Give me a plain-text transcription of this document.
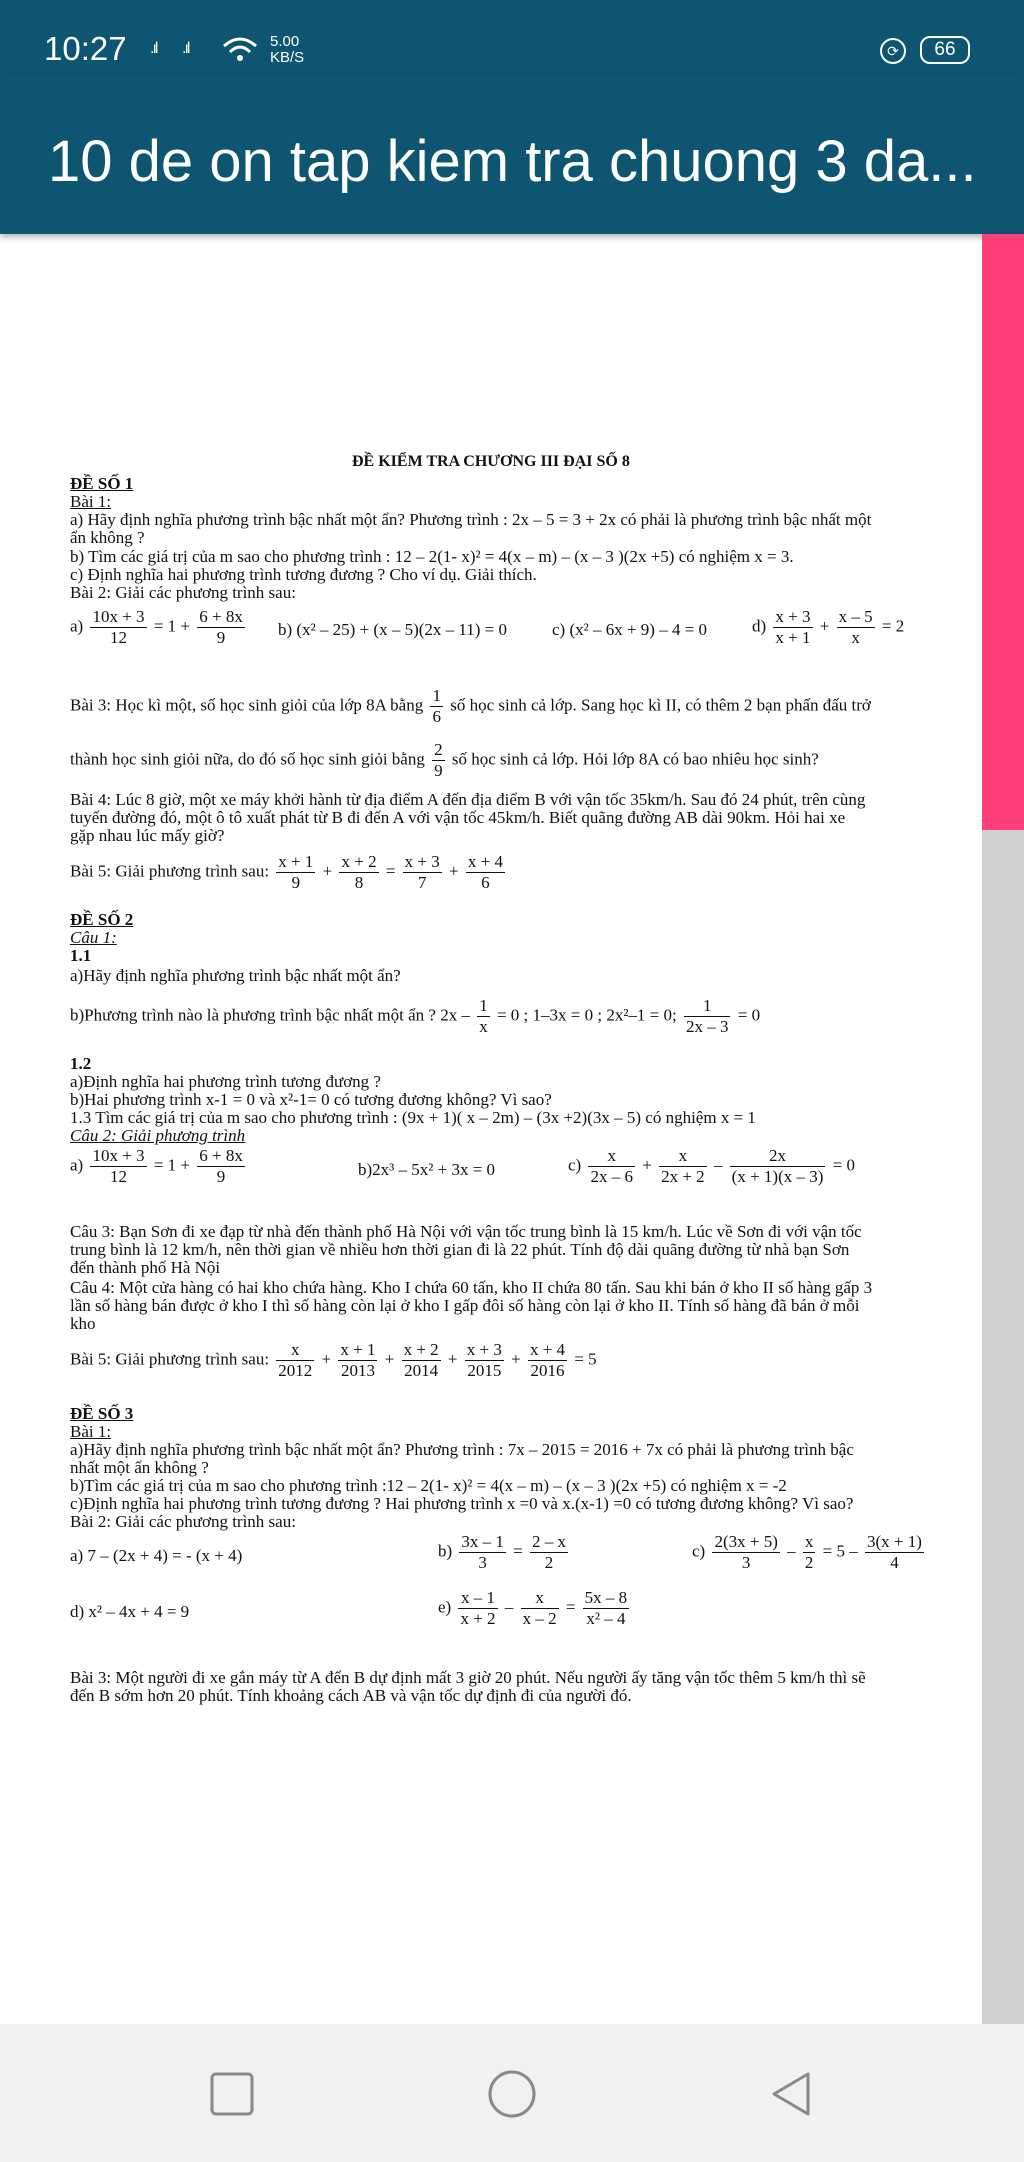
10:27 .ıl .ıl	5.00
KB/S	⟳	66
10 de on tap kiem tra chuong 3 da...
ĐỀ KIỂM TRA CHƯƠNG III ĐẠI SỐ 8
ĐỀ SỐ 1
Bài 1:
a) Hãy định nghĩa phương trình bậc nhất một ẩn? Phương trình : 2x – 5 = 3 + 2x có phải là phương trình bậc nhất một
ẩn không ?
b) Tìm các giá trị của m sao cho phương trình : 12 – 2(1- x)² = 4(x – m) – (x – 3 )(2x +5) có nghiệm x = 3.
c) Định nghĩa hai phương trình tương đương ? Cho ví dụ. Giải thích.
Bài 2: Giải các phương trình sau:
$a) \frac{10x + 3}{12} = 1 + \frac{6 + 8x}{9} b$) (x² – 25) + (x – 5)(2x – 11) = 0	c) (x² – 6x + 9) – 4 = 0	$d) \frac{x + 3}{x + 1} + \frac{x - 5}{x} = 2$
Bài 3: Học kì một, số học sinh giỏi của lớp 8A bằng $\frac{1}{6}$ số học sinh cả lớp. Sang học kì II, có thêm 2 bạn phấn đấu trở
thành học sinh giỏi nữa, do đó số học sinh giỏi bằng $\frac{2}{9}$ số học sinh cả lớp. Hỏi lớp 8A có bao nhiêu học sinh?
Bài 4: Lúc 8 giờ, một xe máy khởi hành từ địa điểm A đến địa điểm B với vận tốc 35km/h. Sau đó 24 phút, trên cùng
tuyến đường đó, một ô tô xuất phát từ B đi đến A với vận tốc 45km/h. Biết quãng đường AB dài 90km. Hỏi hai xe
gặp nhau lúc mấy giờ?
Bài 5: Giải phương trình sau: $\frac{x + 1}{9} + \frac{x + 2}{8} = \frac{x + 3}{7} + \frac{x + 4}{6}$
ĐỀ SỐ 2
Câu 1:
1.1
a)Hãy định nghĩa phương trình bậc nhất một ẩn?
b)Phương trình nào là phương trình bậc nhất một ẩn ? $2x - \frac{1}{x} = 0$ ; 1–3x = 0 ; 2x²–1 = 0; $\frac{1}{2x - 3} = 0$
1.2
a)Định nghĩa hai phương trình tương đương ?
b)Hai phương trình x-1 = 0 và x²-1= 0 có tương đương không? Vì sao?
1.3 Tìm các giá trị của m sao cho phương trình : (9x + 1)( x – 2m) – (3x +2)(3x – 5) có nghiệm x = 1
Câu 2: Giải phương trình
$a) \frac{10x + 3}{12} = 1 + \frac{6 + 8x}{9}$	b)2x³ – 5x² + 3x = 0	$c) \frac{x}{2x - 6} + \frac{x}{2x + 2} - \frac{2x}{(x + 1)(x - 3)} = 0$
Câu 3: Bạn Sơn đi xe đạp từ nhà đến thành phố Hà Nội với vận tốc trung bình là 15 km/h. Lúc về Sơn đi với vận tốc
trung bình là 12 km/h, nên thời gian về nhiều hơn thời gian đi là 22 phút. Tính độ dài quãng đường từ nhà bạn Sơn
đến thành phố Hà Nội
Câu 4: Một cửa hàng có hai kho chứa hàng. Kho I chứa 60 tấn, kho II chứa 80 tấn. Sau khi bán ở kho II số hàng gấp 3
lần số hàng bán được ở kho I thì số hàng còn lại ở kho I gấp đôi số hàng còn lại ở kho II. Tính số hàng đã bán ở mỗi
kho
Bài 5: Giải phương trình sau: $\frac{x}{2012} + \frac{x + 1}{2013} + \frac{x + 2}{2014} + \frac{x + 3}{2015} + \frac{x + 4}{2016} = 5$
ĐỀ SỐ 3
Bài 1:
a)Hãy định nghĩa phương trình bậc nhất một ẩn? Phương trình : 7x – 2015 = 2016 + 7x có phải là phương trình bậc
nhất một ẩn không ?
b)Tìm các giá trị của m sao cho phương trình :12 – 2(1- x)² = 4(x – m) – (x – 3 )(2x +5) có nghiệm x = -2
c)Định nghĩa hai phương trình tương đương ? Hai phương trình x =0 và x.(x-1) =0 có tương đương không? Vì sao?
Bài 2: Giải các phương trình sau:
a) 7 – (2x + 4) = - (x + 4)	$b) \frac{3x - 1}{3} = \frac{2 - x}{2}$	$c) \frac{2(3x + 5)}{3} - \frac{x}{2} = 5 - \frac{3(x + 1)}{4}$
d) x² – 4x + 4 = 9	$e) \frac{x - 1}{x + 2} - \frac{x}{x - 2} = \frac{5x - 8}{\text{x² – 4}}$
Bài 3: Một người đi xe gắn máy từ A đến B dự định mất 3 giờ 20 phút. Nếu người ấy tăng vận tốc thêm 5 km/h thì sẽ
đến B sớm hơn 20 phút. Tính khoảng cách AB và vận tốc dự định đi của người đó.
